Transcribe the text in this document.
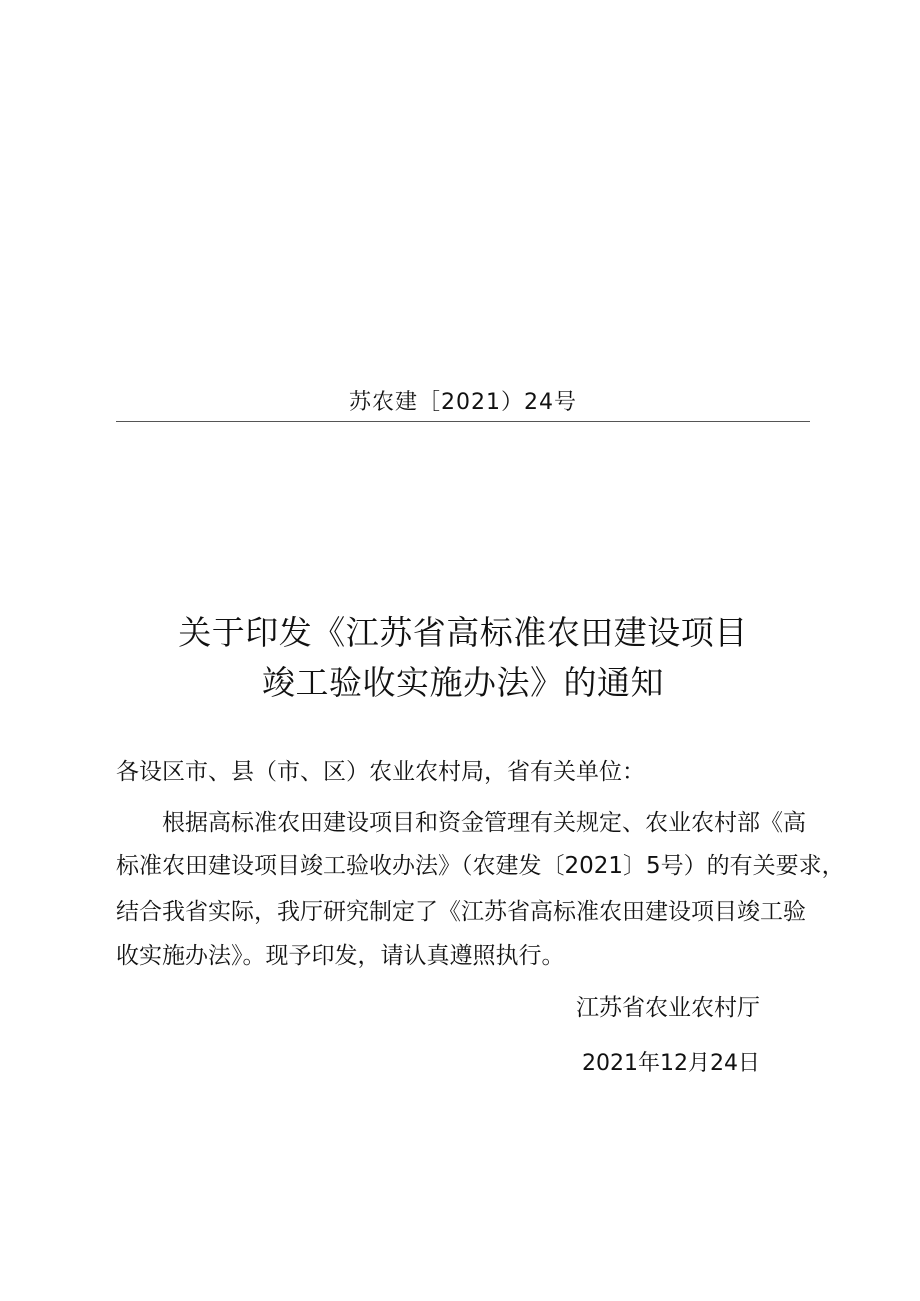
苏农建［2021）24号
关于印发《江苏省高标准农田建设项目
竣工验收实施办法》的通知
各设区市、县（市、区）农业农村局，省有关单位：
根据高标准农田建设项目和资金管理有关规定、农业农村部《高
标准农田建设项目竣工验收办法》（农建发〔2021〕5号）的有关要求，
结合我省实际，我厅研究制定了《江苏省高标准农田建设项目竣工验
收实施办法》。现予印发，请认真遵照执行。
江苏省农业农村厅
2021年12月24日
